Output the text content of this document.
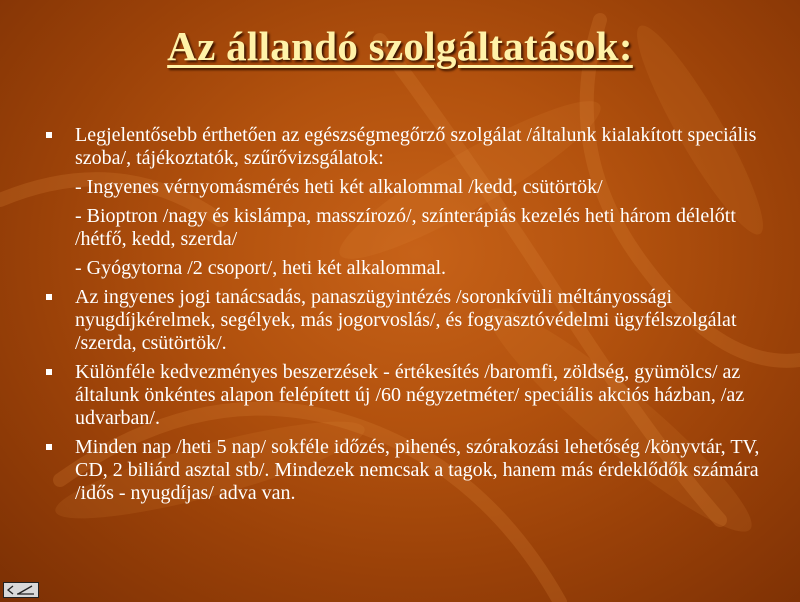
Az állandó szolgáltatások:
Legjelentősebb érthetően az egészségmegőrző szolgálat /általunk kialakított speciális szoba/, tájékoztatók, szűrővizsgálatok:
- Ingyenes vérnyomásmérés heti két alkalommal /kedd, csütörtök/
- Bioptron /nagy és kislámpa, masszírozó/, színterápiás kezelés heti három délelőtt /hétfő, kedd, szerda/
- Gyógytorna /2 csoport/, heti két alkalommal.
Az ingyenes jogi tanácsadás, panaszügyintézés /soronkívüli méltányossági nyugdíjkérelmek, segélyek, más jogorvoslás/, és fogyasztóvédelmi ügyfélszolgálat /szerda, csütörtök/.
Különféle kedvezményes beszerzések - értékesítés /baromfi, zöldség, gyümölcs/ az általunk önkéntes alapon felépített új /60 négyzetméter/ speciális akciós házban, /az udvarban/.
Minden nap /heti 5 nap/ sokféle időzés, pihenés, szórakozási lehetőség /könyvtár, TV, CD, 2 biliárd asztal stb/. Mindezek nemcsak a tagok, hanem más érdeklődők számára /idős - nyugdíjas/ adva van.
